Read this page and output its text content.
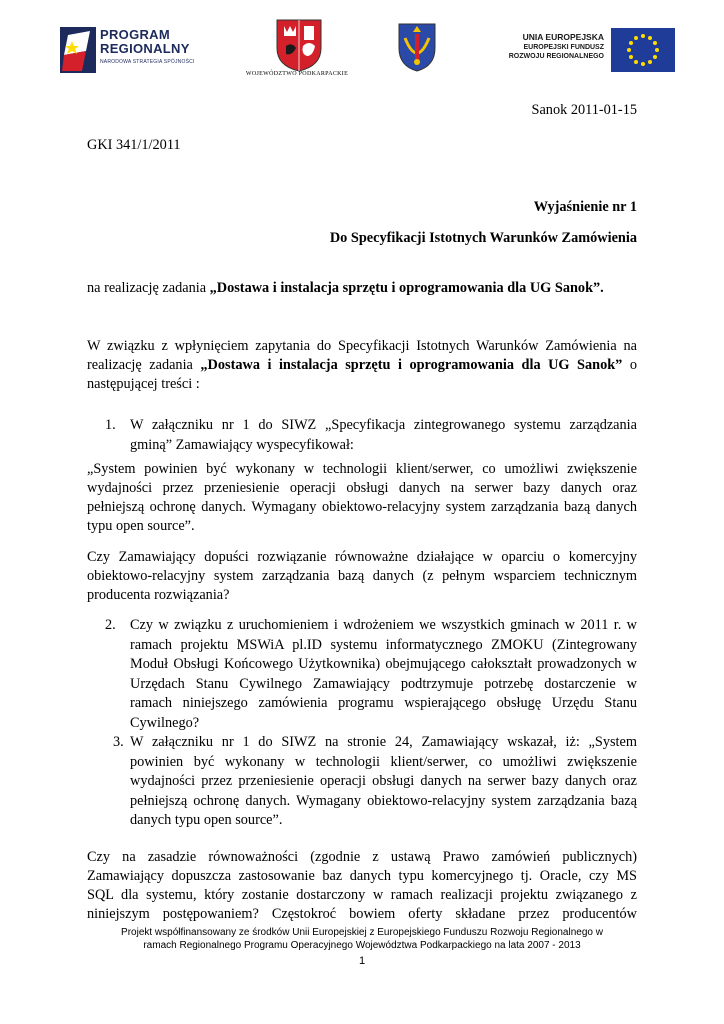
PROGRAM
REGIONALNY
NARODOWA STRATEGIA SPÓJNOŚCI
WOJEWÓDZTWO PODKARPACKIE
UNIA EUROPEJSKA
EUROPEJSKI FUNDUSZ
ROZWOJU REGIONALNEGO
Sanok 2011-01-15
GKI 341/1/2011
Wyjaśnienie nr 1
Do Specyfikacji Istotnych Warunków Zamówienia
na realizację zadania „Dostawa i instalacja sprzętu i oprogramowania dla UG Sanok”.
W związku z wpłynięciem zapytania do Specyfikacji Istotnych Warunków Zamówienia na
realizację zadania „Dostawa i instalacja sprzętu i oprogramowania dla UG Sanok” o
następującej treści :
1. W załączniku nr 1 do SIWZ „Specyfikacja zintegrowanego systemu zarządzania
gminą” Zamawiający wyspecyfikował:
„System powinien być wykonany w technologii klient/serwer, co umożliwi zwiększenie
wydajności przez przeniesienie operacji obsługi danych na serwer bazy danych oraz
pełniejszą ochronę danych. Wymagany obiektowo-relacyjny system zarządzania bazą danych
typu open source”.
Czy Zamawiający dopuści rozwiązanie równoważne działające w oparciu o komercyjny
obiektowo-relacyjny system zarządzania bazą danych (z pełnym wsparciem technicznym
producenta rozwiązania?
2. Czy w związku z uruchomieniem i wdrożeniem we wszystkich gminach w 2011 r. w
ramach projektu MSWiA pl.ID systemu informatycznego ZMOKU (Zintegrowany
Moduł Obsługi Końcowego Użytkownika) obejmującego całokształt prowadzonych w
Urzędach Stanu Cywilnego Zamawiający podtrzymuje potrzebę dostarczenie w
ramach niniejszego zamówienia programu wspierającego obsługę Urzędu Stanu
Cywilnego?
3. W załączniku nr 1 do SIWZ na stronie 24, Zamawiający wskazał, iż: „System
powinien być wykonany w technologii klient/serwer, co umożliwi zwiększenie
wydajności przez przeniesienie operacji obsługi danych na serwer bazy danych oraz
pełniejszą ochronę danych. Wymagany obiektowo-relacyjny system zarządzania bazą
danych typu open source”.
Czy na zasadzie równoważności (zgodnie z ustawą Prawo zamówień publicznych)
Zamawiający dopuszcza zastosowanie baz danych typu komercyjnego tj. Oracle, czy MS
SQL dla systemu, który zostanie dostarczony w ramach realizacji projektu związanego z
niniejszym postępowaniem? Częstokroć bowiem oferty składane przez producentów
Projekt współfinansowany ze środków Unii Europejskiej z Europejskiego Funduszu Rozwoju Regionalnego w
ramach Regionalnego Programu Operacyjnego Województwa Podkarpackiego na lata 2007 - 2013
1
